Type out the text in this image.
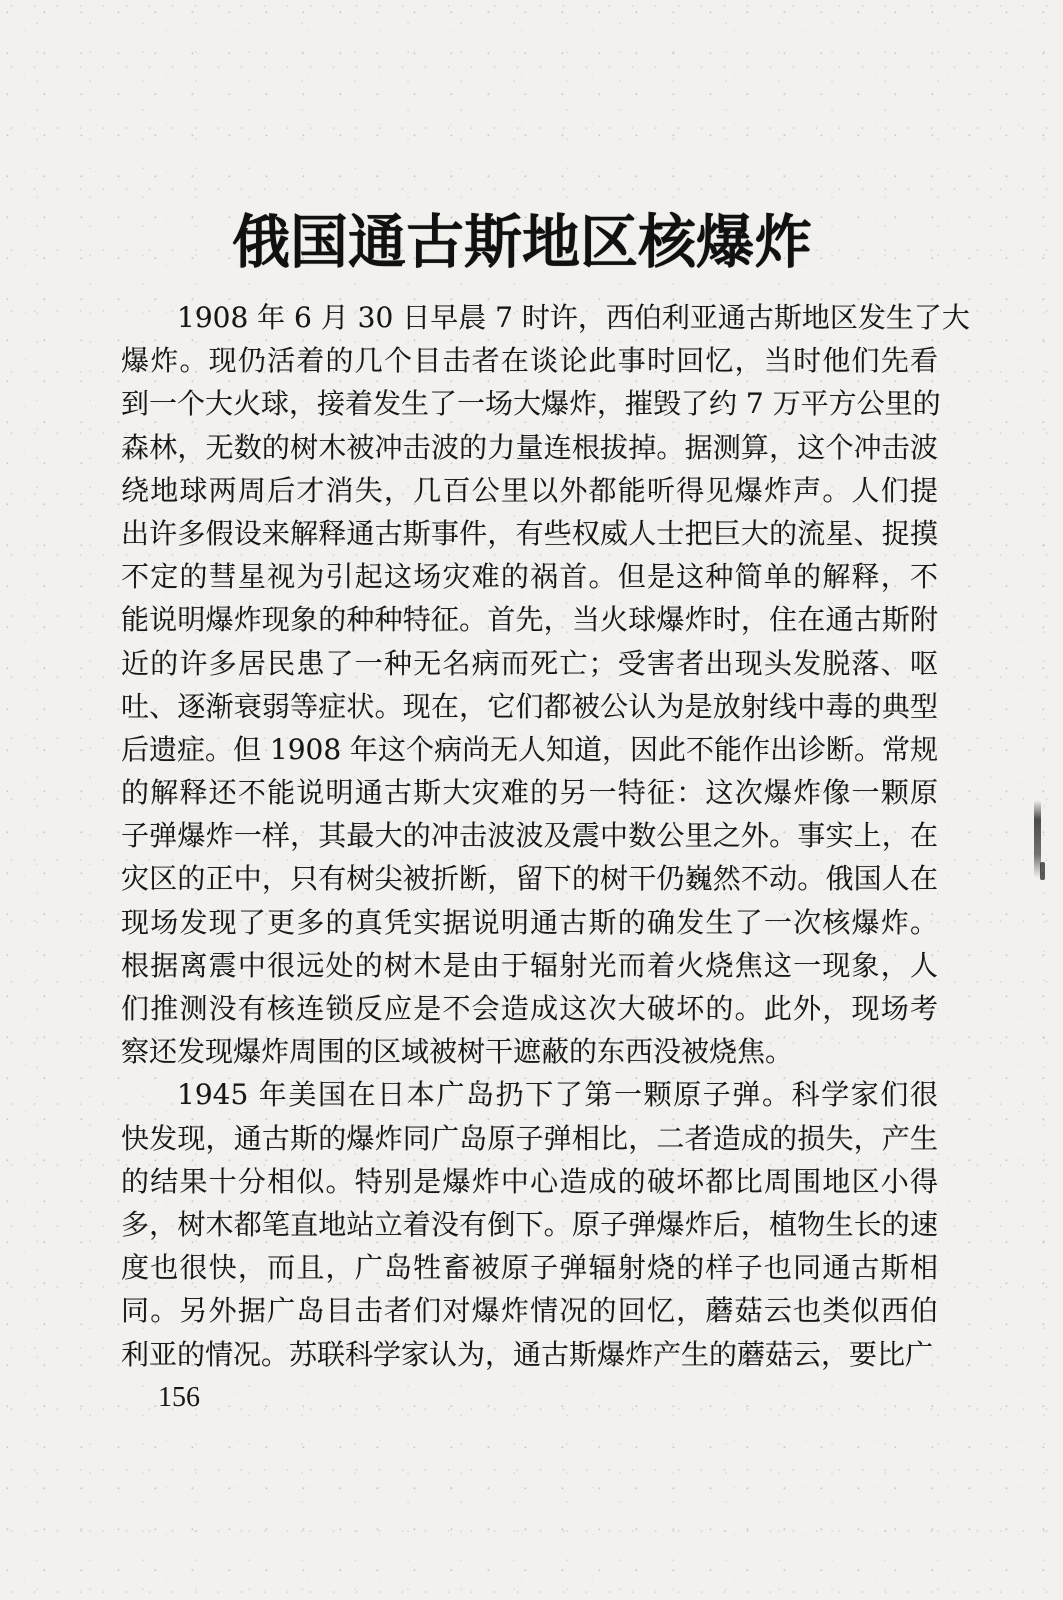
俄国通古斯地区核爆炸
1908 年 6 月 30 日早晨 7 时许，西伯利亚通古斯地区发生了大
爆炸。现仍活着的几个目击者在谈论此事时回忆，当时他们先看
到一个大火球，接着发生了一场大爆炸，摧毁了约 7 万平方公里的
森林，无数的树木被冲击波的力量连根拔掉。据测算，这个冲击波
绕地球两周后才消失，几百公里以外都能听得见爆炸声。人们提
出许多假设来解释通古斯事件，有些权威人士把巨大的流星、捉摸
不定的彗星视为引起这场灾难的祸首。但是这种简单的解释，不
能说明爆炸现象的种种特征。首先，当火球爆炸时，住在通古斯附
近的许多居民患了一种无名病而死亡；受害者出现头发脱落、呕
吐、逐渐衰弱等症状。现在，它们都被公认为是放射线中毒的典型
后遗症。但 1908 年这个病尚无人知道，因此不能作出诊断。常规
的解释还不能说明通古斯大灾难的另一特征：这次爆炸像一颗原
子弹爆炸一样，其最大的冲击波波及震中数公里之外。事实上，在
灾区的正中，只有树尖被折断，留下的树干仍巍然不动。俄国人在
现场发现了更多的真凭实据说明通古斯的确发生了一次核爆炸。
根据离震中很远处的树木是由于辐射光而着火烧焦这一现象，人
们推测没有核连锁反应是不会造成这次大破坏的。此外，现场考
察还发现爆炸周围的区域被树干遮蔽的东西没被烧焦。
1945 年美国在日本广岛扔下了第一颗原子弹。科学家们很
快发现，通古斯的爆炸同广岛原子弹相比，二者造成的损失，产生
的结果十分相似。特别是爆炸中心造成的破坏都比周围地区小得
多，树木都笔直地站立着没有倒下。原子弹爆炸后，植物生长的速
度也很快，而且，广岛牲畜被原子弹辐射烧的样子也同通古斯相
同。另外据广岛目击者们对爆炸情况的回忆，蘑菇云也类似西伯
利亚的情况。苏联科学家认为，通古斯爆炸产生的蘑菇云，要比广
156
